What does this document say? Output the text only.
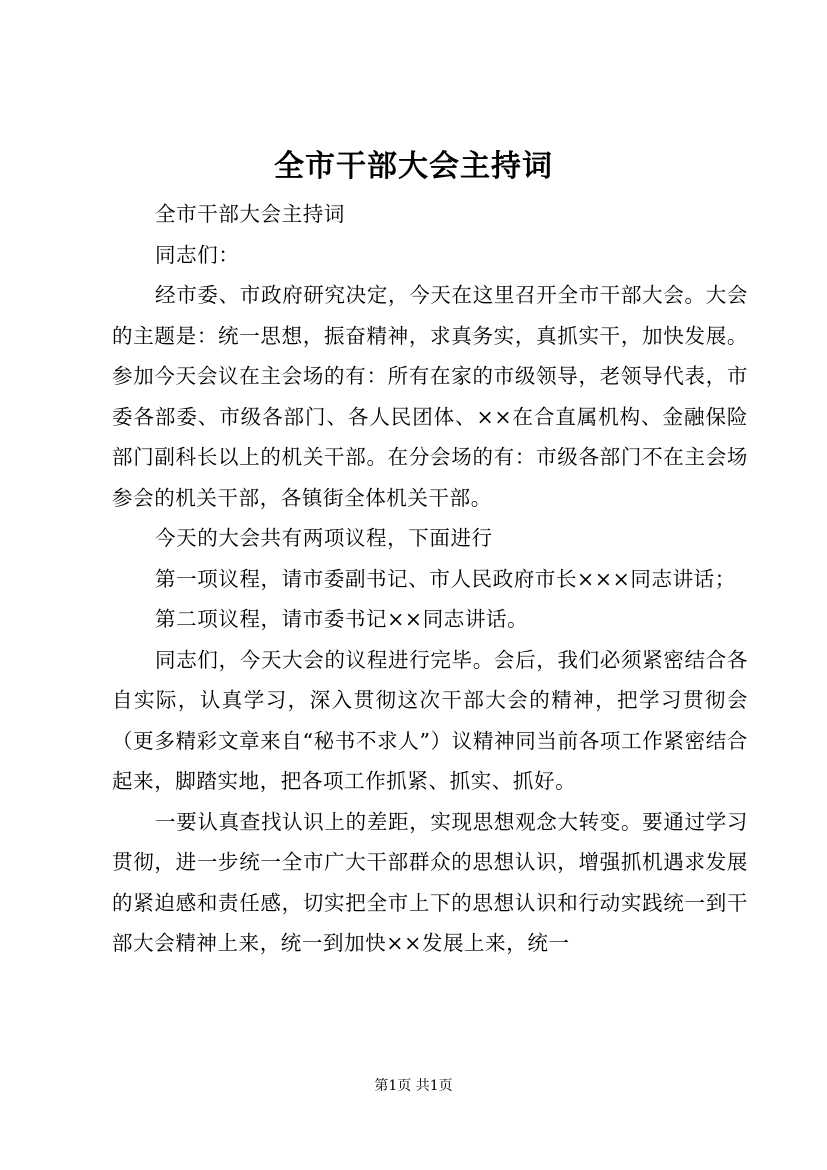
全市干部大会主持词

全市干部大会主持词

同志们：

经市委、市政府研究决定，今天在这里召开全市干部大会。大会的主题是：统一思想，振奋精神，求真务实，真抓实干，加快发展。参加今天会议在主会场的有：所有在家的市级领导，老领导代表，市委各部委、市级各部门、各人民团体、××在合直属机构、金融保险部门副科长以上的机关干部。在分会场的有：市级各部门不在主会场参会的机关干部，各镇街全体机关干部。

今天的大会共有两项议程，下面进行

第一项议程，请市委副书记、市人民政府市长×××同志讲话；

第二项议程，请市委书记××同志讲话。

同志们，今天大会的议程进行完毕。会后，我们必须紧密结合各自实际，认真学习，深入贯彻这次干部大会的精神，把学习贯彻会（更多精彩文章来自“秘书不求人”）议精神同当前各项工作紧密结合起来，脚踏实地，把各项工作抓紧、抓实、抓好。

一要认真查找认识上的差距，实现思想观念大转变。要通过学习贯彻，进一步统一全市广大干部群众的思想认识，增强抓机遇求发展的紧迫感和责任感，切实把全市上下的思想认识和行动实践统一到干部大会精神上来，统一到加快××发展上来，统一

第1页 共1页
